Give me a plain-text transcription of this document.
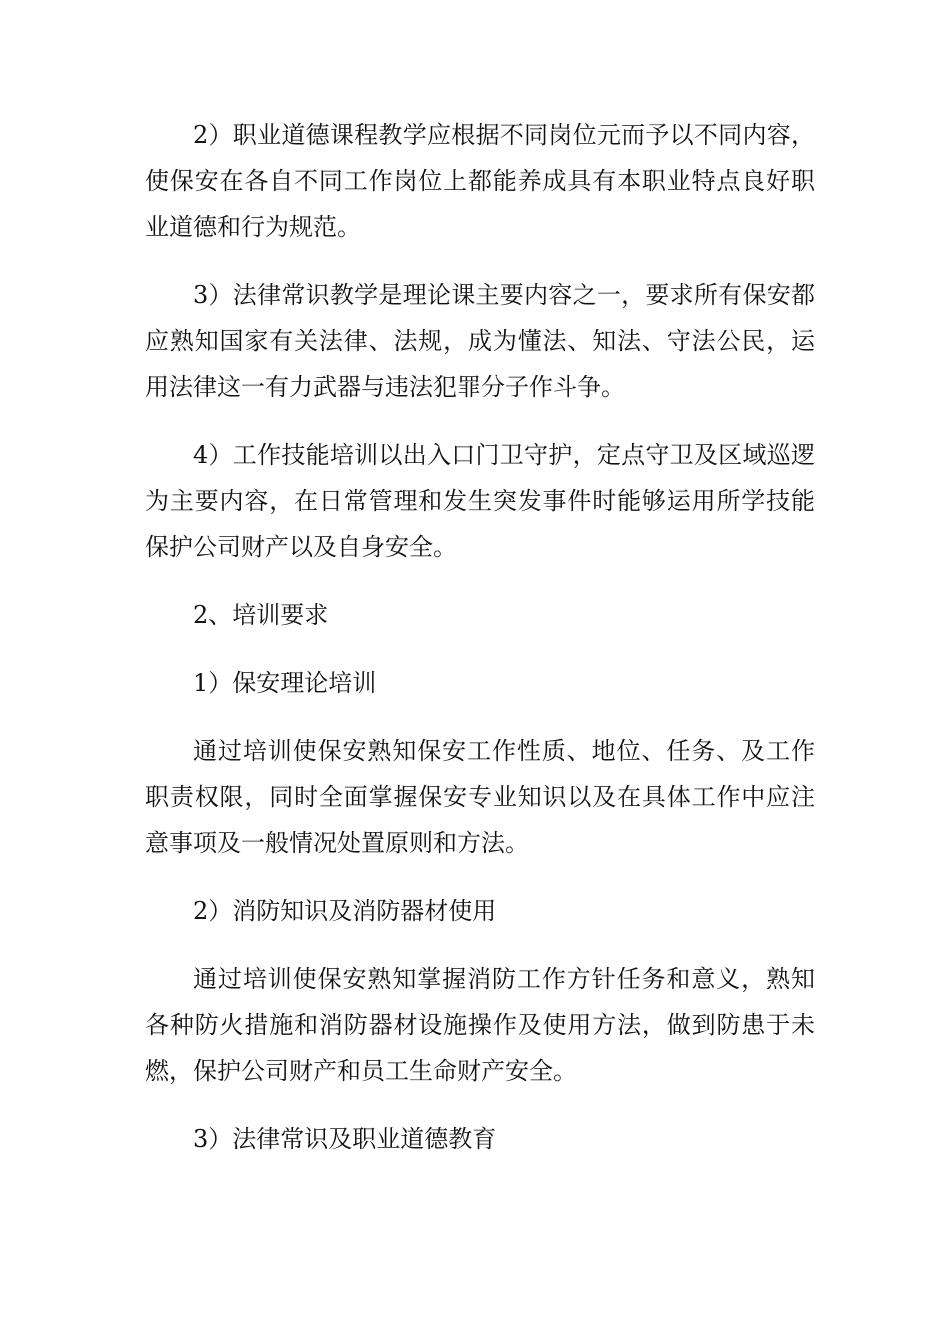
2）职业道德课程教学应根据不同岗位元而予以不同内容，使保安在各自不同工作岗位上都能养成具有本职业特点良好职业道德和行为规范。

3）法律常识教学是理论课主要内容之一，要求所有保安都应熟知国家有关法律、法规，成为懂法、知法、守法公民，运用法律这一有力武器与违法犯罪分子作斗争。

4）工作技能培训以出入口门卫守护，定点守卫及区域巡逻为主要内容，在日常管理和发生突发事件时能够运用所学技能保护公司财产以及自身安全。

2、培训要求

1）保安理论培训

通过培训使保安熟知保安工作性质、地位、任务、及工作职责权限，同时全面掌握保安专业知识以及在具体工作中应注意事项及一般情况处置原则和方法。

2）消防知识及消防器材使用

通过培训使保安熟知掌握消防工作方针任务和意义，熟知各种防火措施和消防器材设施操作及使用方法，做到防患于未燃，保护公司财产和员工生命财产安全。

3）法律常识及职业道德教育
